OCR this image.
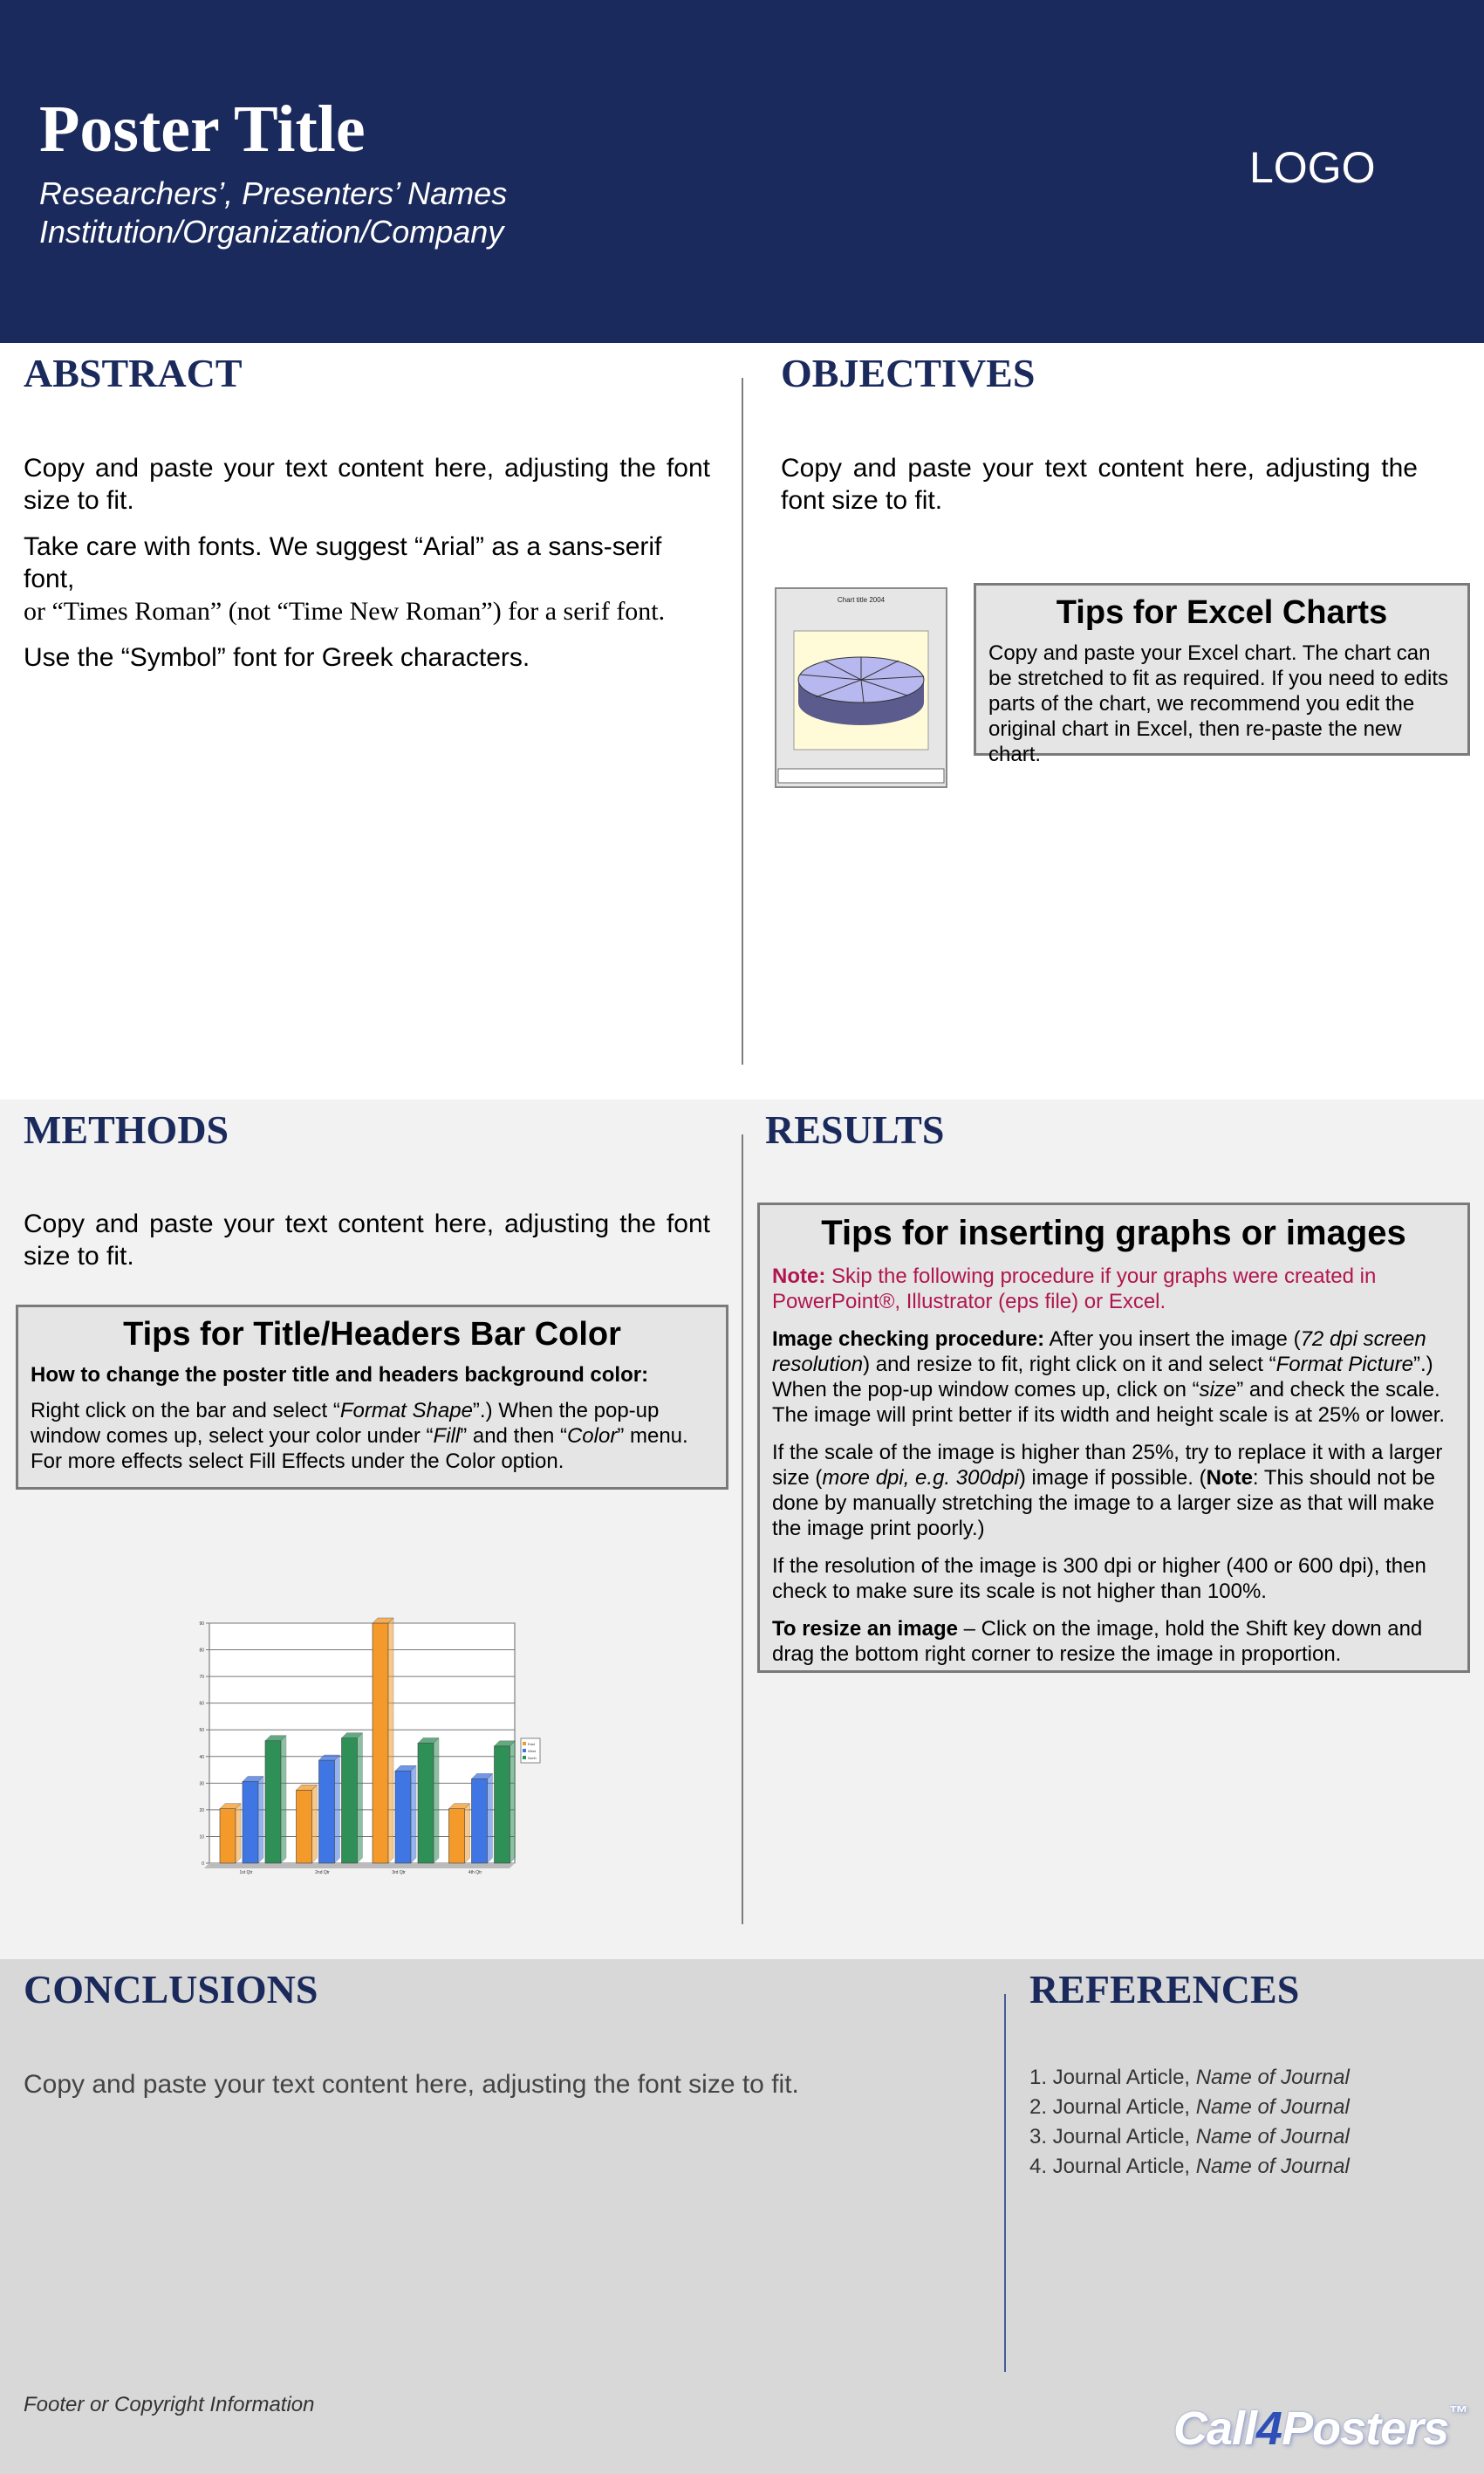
Poster Title
Researchers’, Presenters’ Names
Institution/Organization/Company
LOGO
ABSTRACT

Copy and paste your text content here, adjusting the font size to fit.

Take care with fonts. We suggest “Arial” as a sans-serif font,
or “Times Roman” (not “Time New Roman”) for a serif font.

Use the “Symbol” font for Greek characters.

OBJECTIVES

Copy and paste your text content here, adjusting the font size to fit.

Chart title 2004	Tips for Excel Charts
Copy and paste your Excel chart. The chart can be stretched to fit as required. If you need to edits parts of the chart, we recommend you edit the original chart in Excel, then re-paste the new chart.
METHODS

Copy and paste your text content here, adjusting the font size to fit.

Tips for Title/Headers Bar Color
How to change the poster title and headers background color:
Right click on the bar and select “Format Shape”.) When the pop-up window comes up, select your color under “Fill” and then “Color” menu. For more effects select Fill Effects under the Color option.
0
10
20
30
40
50
60
70
80
90
1st Qtr	2nd Qtr	3rd Qtr	4th Qtr
East
West
North
RESULTS
Tips for inserting graphs or images
Note: Skip the following procedure if your graphs were created in PowerPoint®, Illustrator (eps file) or Excel.
Image checking procedure: After you insert the image (72 dpi screen resolution) and resize to fit, right click on it and select “Format Picture”.) When the pop-up window comes up, click on “size” and check the scale. The image will print better if its width and height scale is at 25% or lower.
If the scale of the image is higher than 25%, try to replace it with a larger size (more dpi, e.g. 300dpi) image if possible. (Note: This should not be done by manually stretching the image to a larger size as that will make the image print poorly.)
If the resolution of the image is 300 dpi or higher (400 or 600 dpi), then check to make sure its scale is not higher than 100%.
To resize an image – Click on the image, hold the Shift key down and drag the bottom right corner to resize the image in proportion.
CONCLUSIONS

Copy and paste your text content here, adjusting the font size to fit.

REFERENCES
1. Journal Article, Name of Journal
2. Journal Article, Name of Journal
3. Journal Article, Name of Journal
4. Journal Article, Name of Journal
Footer or Copyright Information	Call4Posters™
